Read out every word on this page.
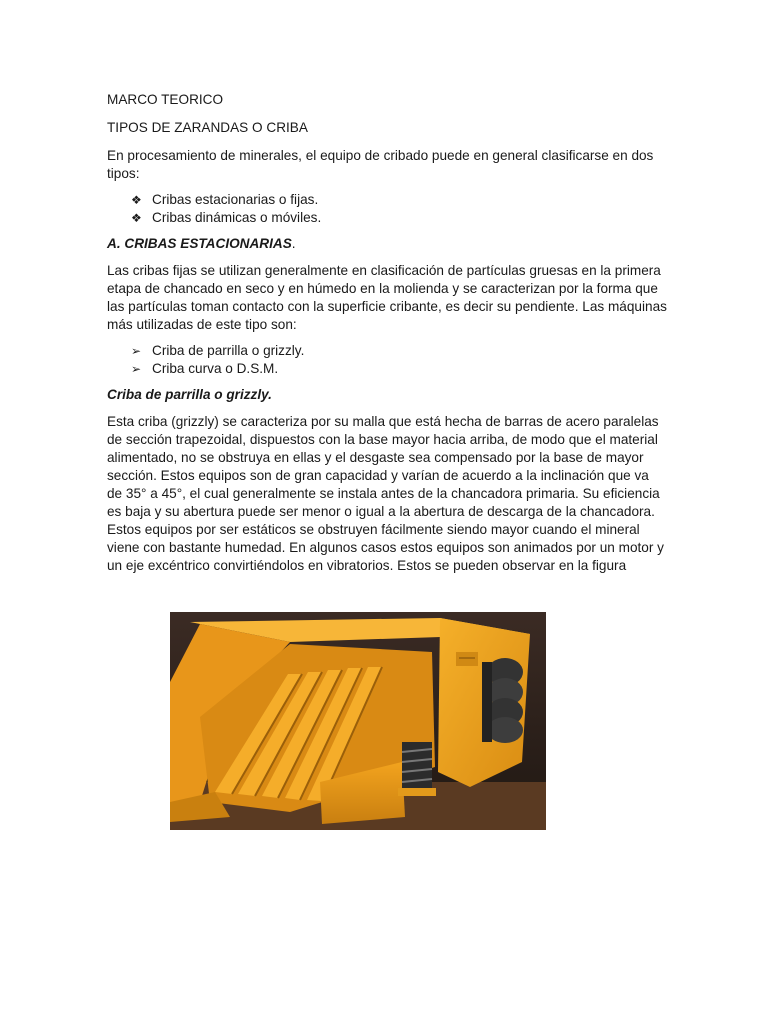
MARCO TEORICO

TIPOS DE ZARANDAS O CRIBA

En procesamiento de minerales, el equipo de cribado puede en general clasificarse en dos tipos:

❖ Cribas estacionarias o fijas.
❖ Cribas dinámicas o móviles.

A. CRIBAS ESTACIONARIAS.

Las cribas fijas se utilizan generalmente en clasificación de partículas gruesas en la primera etapa de chancado en seco y en húmedo en la molienda y se caracterizan por la forma que las partículas toman contacto con la superficie cribante, es decir su pendiente. Las máquinas más utilizadas de este tipo son:

➢ Criba de parrilla o grizzly.
➢ Criba curva o D.S.M.

Criba de parrilla o grizzly.

Esta criba (grizzly) se caracteriza por su malla que está hecha de barras de acero paralelas de sección trapezoidal, dispuestos con la base mayor hacia arriba, de modo que el material alimentado, no se obstruya en ellas y el desgaste sea compensado por la base de mayor sección. Estos equipos son de gran capacidad y varían de acuerdo a la inclinación que va de 35° a 45°, el cual generalmente se instala antes de la chancadora primaria. Su eficiencia es baja y su abertura puede ser menor o igual a la abertura de descarga de la chancadora. Estos equipos por ser estáticos se obstruyen fácilmente siendo mayor cuando el mineral viene con bastante humedad. En algunos casos estos equipos son animados por un motor y un eje excéntrico convirtiéndolos en vibratorios. Estos se pueden observar en la figura
